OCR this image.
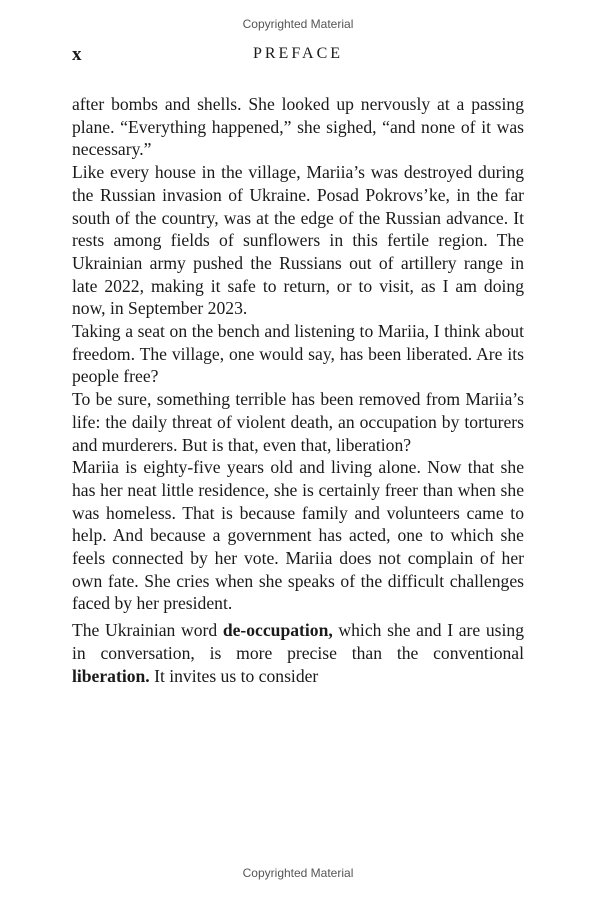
Copyrighted Material
x	PREFACE

after bombs and shells. She looked up nervously at a passing plane. “Everything happened,” she sighed, “and none of it was necessary.”

Like every house in the village, Mariia’s was destroyed during the Russian invasion of Ukraine. Posad Pokrovs’ke, in the far south of the country, was at the edge of the Russian advance. It rests among fields of sunflowers in this fertile region. The Ukrainian army pushed the Russians out of artillery range in late 2022, making it safe to return, or to visit, as I am doing now, in September 2023.

Taking a seat on the bench and listening to Mariia, I think about freedom. The village, one would say, has been liberated. Are its people free?

To be sure, something terrible has been removed from Mariia’s life: the daily threat of violent death, an occupation by torturers and murderers. But is that, even that, liberation?

Mariia is eighty-five years old and living alone. Now that she has her neat little residence, she is certainly freer than when she was homeless. That is because family and volunteers came to help. And because a government has acted, one to which she feels connected by her vote. Mariia does not complain of her own fate. She cries when she speaks of the difficult challenges faced by her president.

The Ukrainian word de-occupation, which she and I are using in conversation, is more precise than the conventional liberation. It invites us to consider

Copyrighted Material
